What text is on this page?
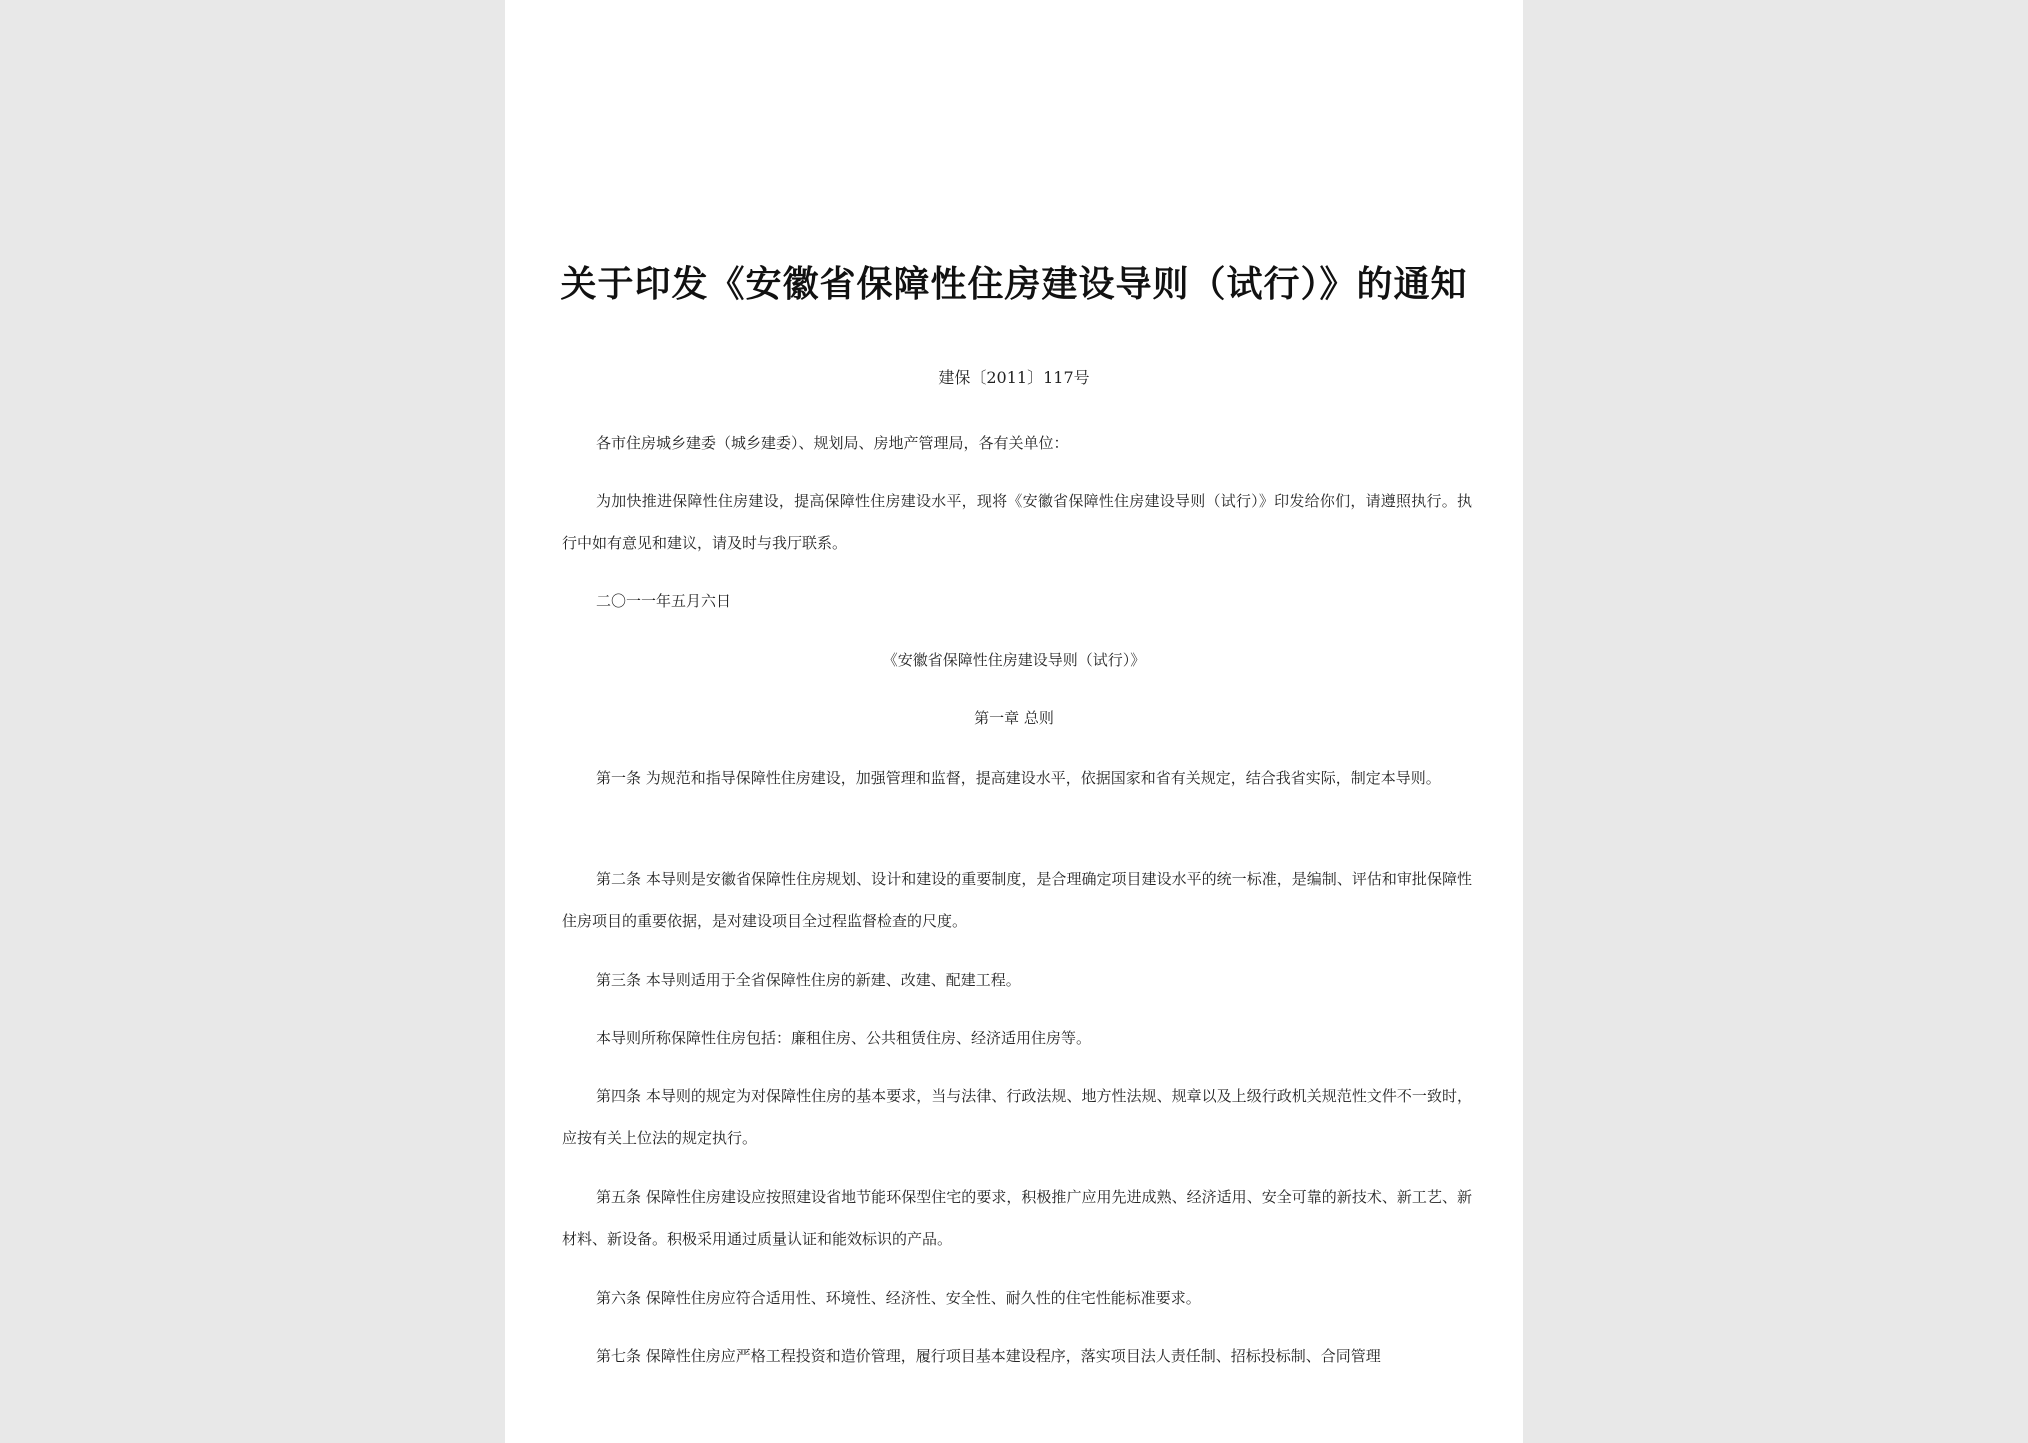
关于印发《安徽省保障性住房建设导则（试行）》的通知
建保〔2011〕117号
各市住房城乡建委（城乡建委）、规划局、房地产管理局，各有关单位：
为加快推进保障性住房建设，提高保障性住房建设水平，现将《安徽省保障性住房建设导则（试行）》印发给你们，请遵照执行。执行中如有意见和建议，请及时与我厅联系。
二〇一一年五月六日
《安徽省保障性住房建设导则（试行）》
第一章 总则
第一条 为规范和指导保障性住房建设，加强管理和监督，提高建设水平，依据国家和省有关规定，结合我省实际，制定本导则。
第二条 本导则是安徽省保障性住房规划、设计和建设的重要制度，是合理确定项目建设水平的统一标准，是编制、评估和审批保障性住房项目的重要依据，是对建设项目全过程监督检查的尺度。
第三条 本导则适用于全省保障性住房的新建、改建、配建工程。
本导则所称保障性住房包括：廉租住房、公共租赁住房、经济适用住房等。
第四条 本导则的规定为对保障性住房的基本要求，当与法律、行政法规、地方性法规、规章以及上级行政机关规范性文件不一致时，应按有关上位法的规定执行。
第五条 保障性住房建设应按照建设省地节能环保型住宅的要求，积极推广应用先进成熟、经济适用、安全可靠的新技术、新工艺、新材料、新设备。积极采用通过质量认证和能效标识的产品。
第六条 保障性住房应符合适用性、环境性、经济性、安全性、耐久性的住宅性能标准要求。
第七条 保障性住房应严格工程投资和造价管理，履行项目基本建设程序，落实项目法人责任制、招标投标制、合同管理
